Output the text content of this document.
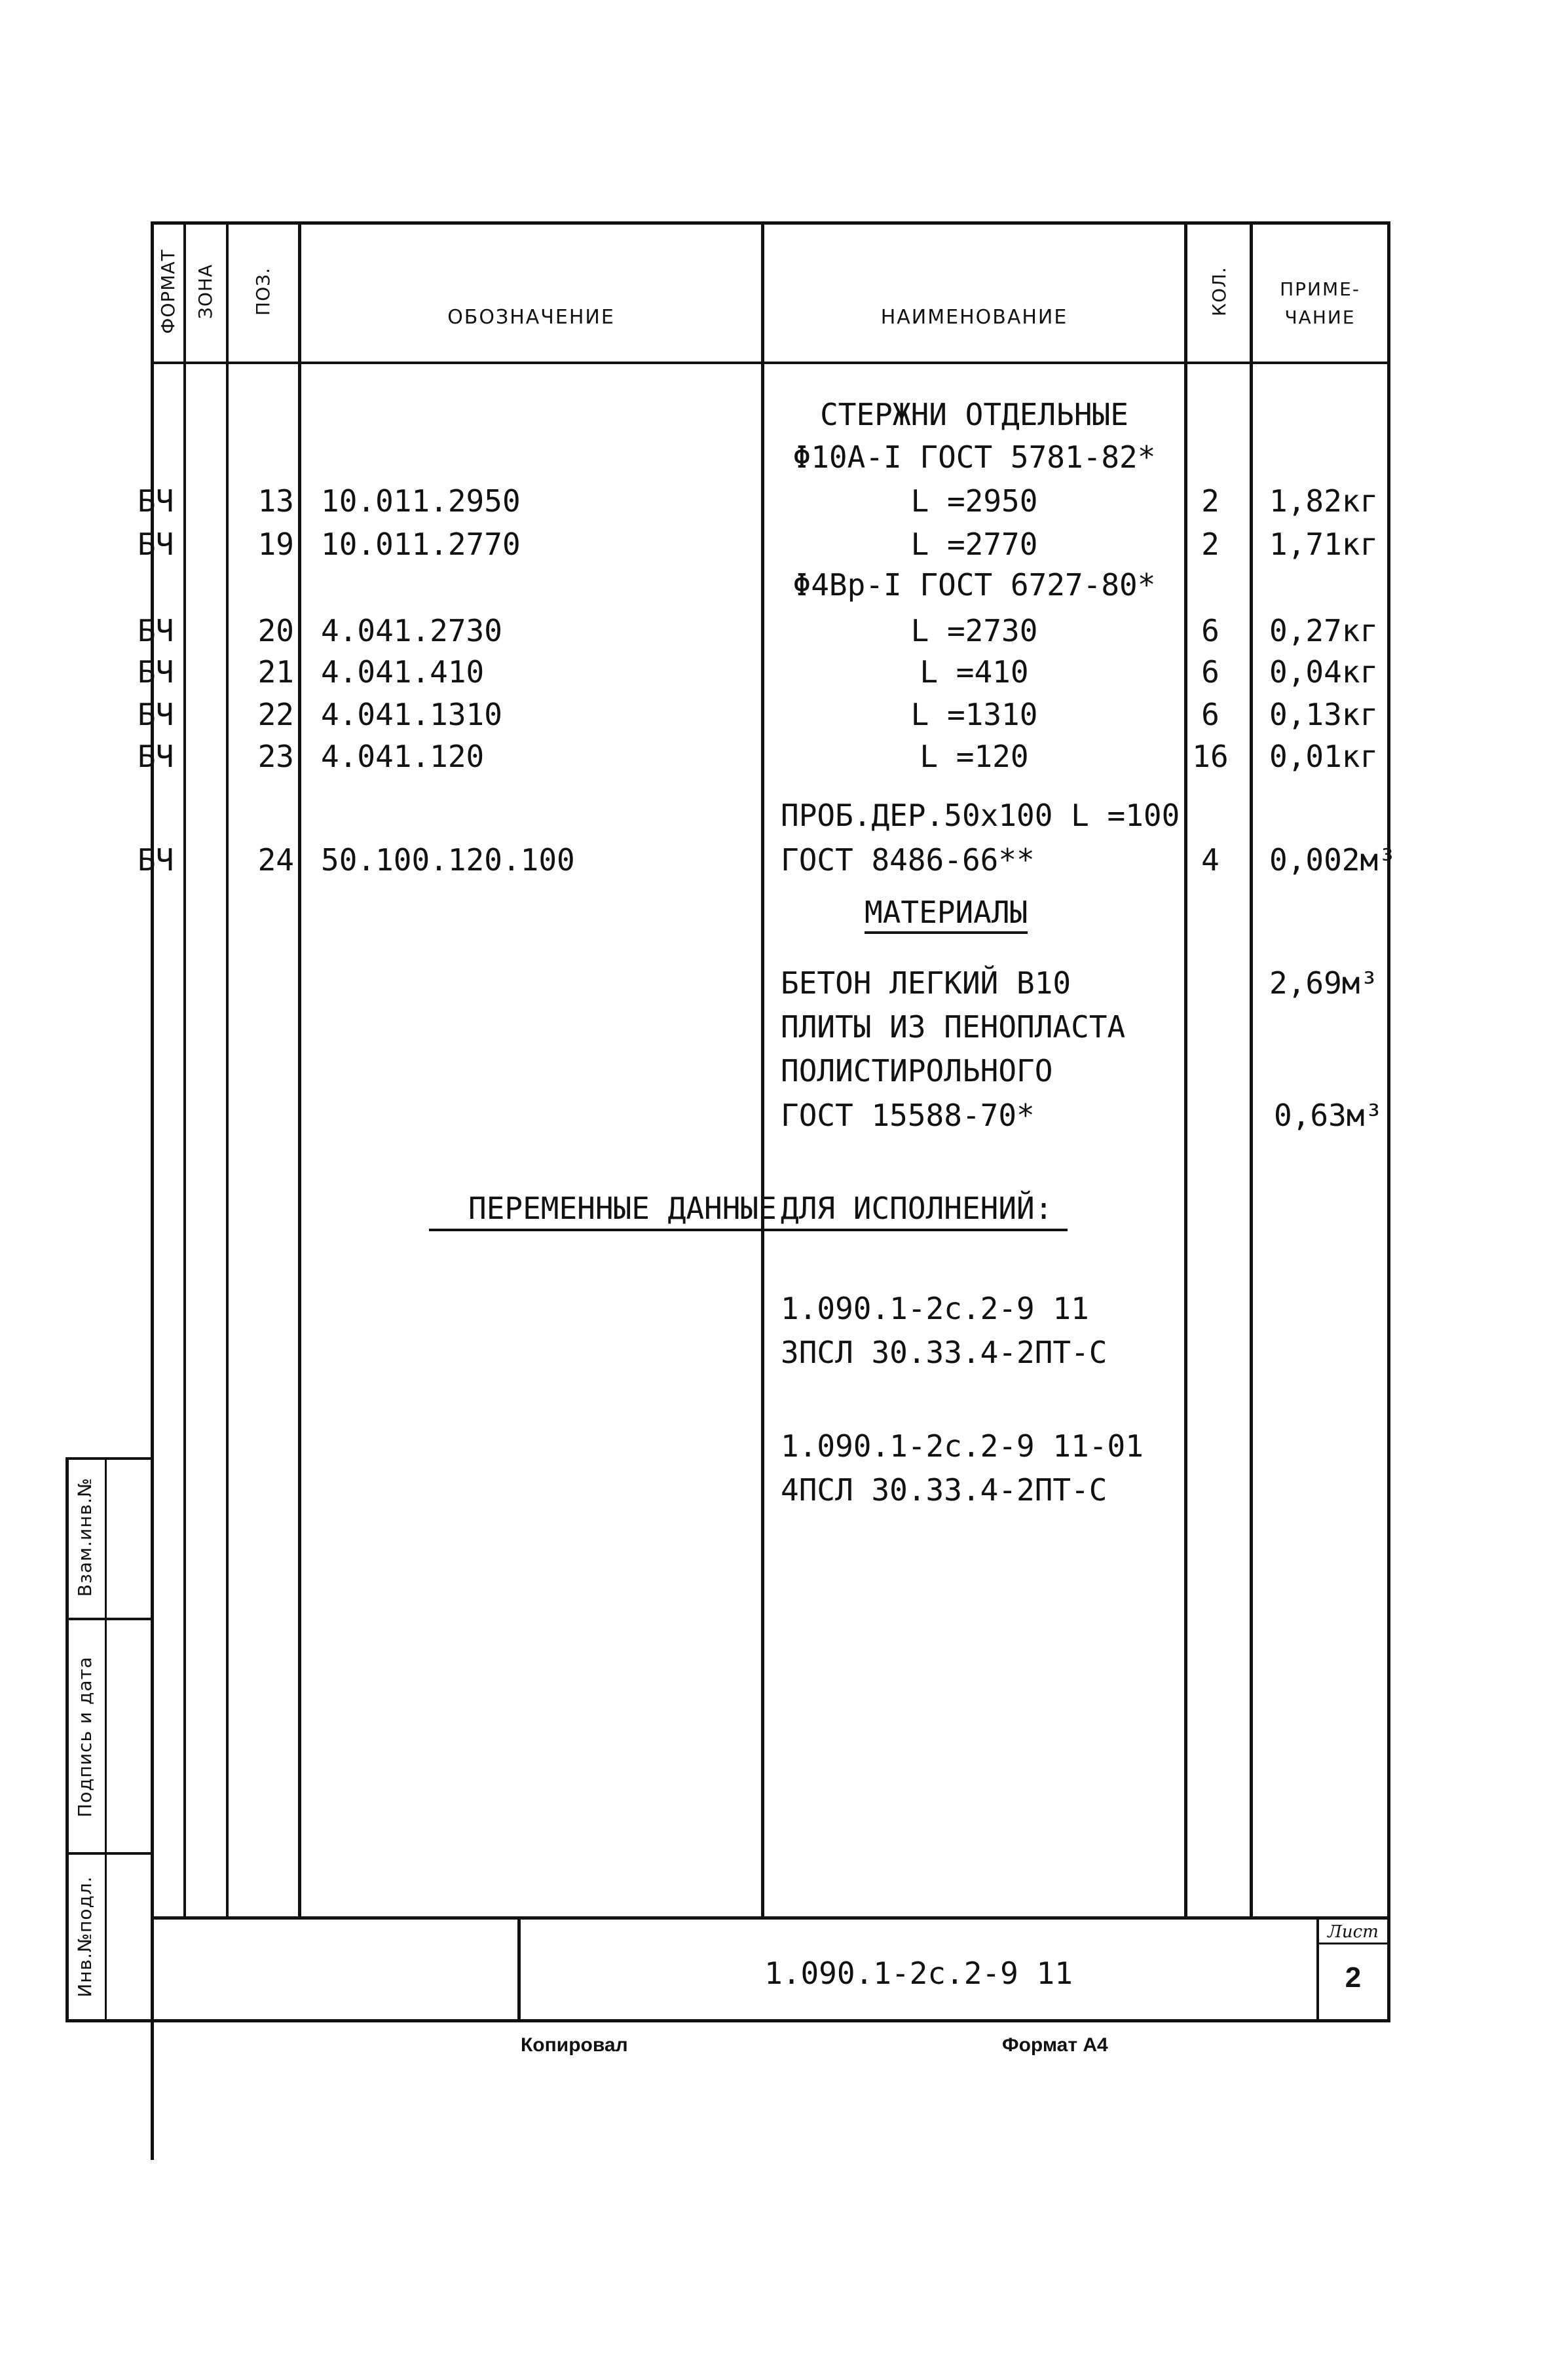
Взам.инв.№
Подпись и дата
Инв.№подл.
ФОРМАТ ЗОНА ПОЗ.
ОБОЗНАЧЕНИЕ	НАИМЕНОВАНИЕ
КОЛ.	ПРИМЕ-
ЧАНИЕ
СТЕРЖНИ ОТДЕЛЬНЫЕ
Φ10A-I ГОСТ 5781-82*
Φ4Bp-I ГОСТ 6727-80*
БЧ	13 10.011.2950	L =2950	2	1,82кг
БЧ	19 10.011.2770	L =2770	2	1,71кг
БЧ	20 4.041.2730	L =2730	6	0,27кг
БЧ	21 4.041.410	L =410	6	0,04кг
БЧ	22 4.041.1310	L =1310	6	0,13кг
БЧ	23 4.041.120	L =120	16 0,01кг
ПРОБ.ДЕР.50x100 L =100
ГОСТ 8486-66**
БЧ	24 50.100.120.100	4	0,002м³
МАТЕРИАЛЫ
БЕТОН ЛЕГКИЙ B10	2,69м³
ПЛИТЫ ИЗ ПЕНОПЛАСТА
ПОЛИСТИРОЛЬНОГО
ГОСТ 15588-70*	0,63м³
ПЕРЕМЕННЫЕ ДАННЫЕ ДЛЯ ИСПОЛНЕНИЙ:
1.090.1-2c.2-9 11
3ПСЛ 30.33.4-2ПТ-С
1.090.1-2c.2-9 11-01
4ПСЛ 30.33.4-2ПТ-С
1.090.1-2c.2-9 11
Лист
2
Копировал	Формат А4
